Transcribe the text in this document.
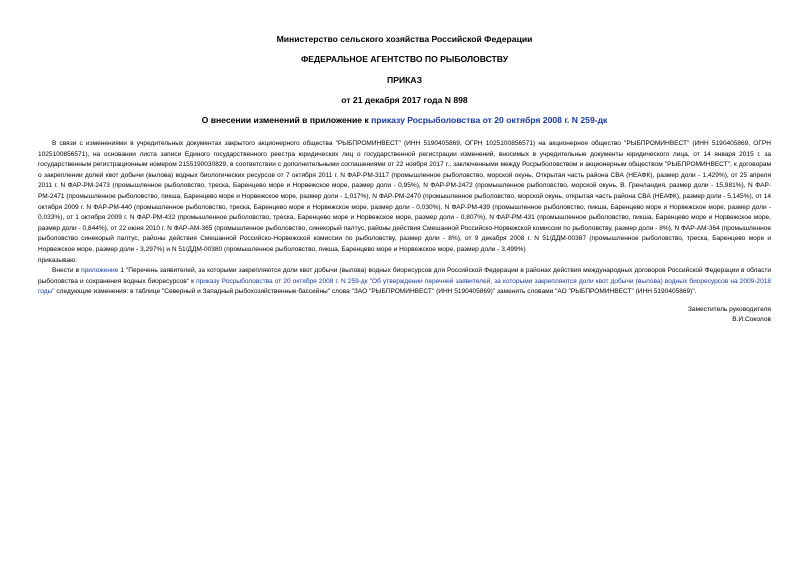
Министерство сельского хозяйства Российской Федерации
ФЕДЕРАЛЬНОЕ АГЕНТСТВО ПО РЫБОЛОВСТВУ
ПРИКАЗ
от 21 декабря 2017 года N 898
О внесении изменений в приложение к приказу Росрыболовства от 20 октября 2008 г. N 259-дк

В связи с изменениями в учредительных документах закрытого акционерного общества "РЫБПРОМИНВЕСТ" (ИНН 5190405869, ОГРН 1025100856571) на акционерное общество "РЫБПРОМИНВЕСТ" (ИНН 5190405869, ОГРН 1025100856571), на основании листа записи Единого государственного реестра юридических лиц о государственной регистрации изменений, вносимых в учредительные документы юридического лица, от 14 января 2015 г. за государственным регистрационным номером 2155190030829, в соответствии с дополнительными соглашениями от 22 ноября 2017 г., заключенными между Росрыболовством и акционерным обществом "РЫБПРОМИНВЕСТ", к договорам о закреплении долей квот добычи (вылова) водных биологических ресурсов от 7 октября 2011 г. N ФАР-РМ-3117 (промышленное рыболовство, морской окунь, Открытая часть района СВА (НЕАФК), размер доли - 1,429%), от 25 апреля 2011 г. N ФАР-РМ-2473 (промышленное рыболовство, треска, Баренцево море и Норвежское море, размер доли - 0,95%), N ФАР-РМ-2472 (промышленное рыболовство, морской окунь, В. Гренландия, размер доли - 15,981%), N ФАР-РМ-2471 (промышленное рыболовство, пикша, Баренцево море и Норвежское море, размер доли - 1,017%), N ФАР-РМ-2470 (промышленное рыболовство, морской окунь, открытая часть района СВА (НЕАФК), размер доли - 5,145%), от 14 октября 2009 г. N ФАР-РМ-440 (промышленное рыболовство, треска, Баренцево море и Норвежское море, размер доли - 0,030%), N ФАР-РМ-439 (промышленное рыболовство, пикша, Баренцево море и Норвежское море, размер доли - 0,033%), от 1 октября 2009 г. N ФАР-РМ-432 (промышленное рыболовство, треска, Баренцево море и Норвежское море, размер доли - 0,807%), N ФАР-РМ-431 (промышленное рыболовство, пикша, Баренцево море и Норвежское море, размер доли - 0,844%), от 22 июня 2010 г. N ФАР-АМ-365 (промышленное рыболовство, синекорый палтус, районы действия Смешанной Российско-Норвежской комиссии по рыболовству, размер доли - 8%), N ФАР-АМ-364 (промышленное рыболовство синекорый палтус, районы действия Смешанной Российско-Норвежской комиссии по рыболовству, размер доли - 8%), от 9 декабря 2008 г. N 51/ДДМ-00387 (промышленное рыболовство, треска, Баренцево море и Норвежское море, размер доли - 3,297%) и N 51/ДДМ-00380 (промышленное рыболовство, пикша, Баренцево море и Норвежское море, размер доли - 3,499%)

приказываю:

Внести в приложение 1 "Перечень заявителей, за которыми закрепляются доли квот добычи (вылова) водных биоресурсов для Российской Федерации в районах действия международных договоров Российской Федерации в области рыболовства и сохранения водных биоресурсов" к приказу Росрыболовства от 20 октября 2008 г. N 259-дк "Об утверждении перечней заявителей, за которыми закрепляются доли квот добычи (вылова) водных биоресурсов на 2009-2018 годы" следующие изменения: в таблице "Северный и Западный рыбохозяйственные бассейны" слова "ЗАО "РЫБПРОМИНВЕСТ" (ИНН 5190405869)" заменить словами "АО "РЫБПРОМИНВЕСТ" (ИНН 5190405869)".

Заместитель руководителя
В.И.Соколов
